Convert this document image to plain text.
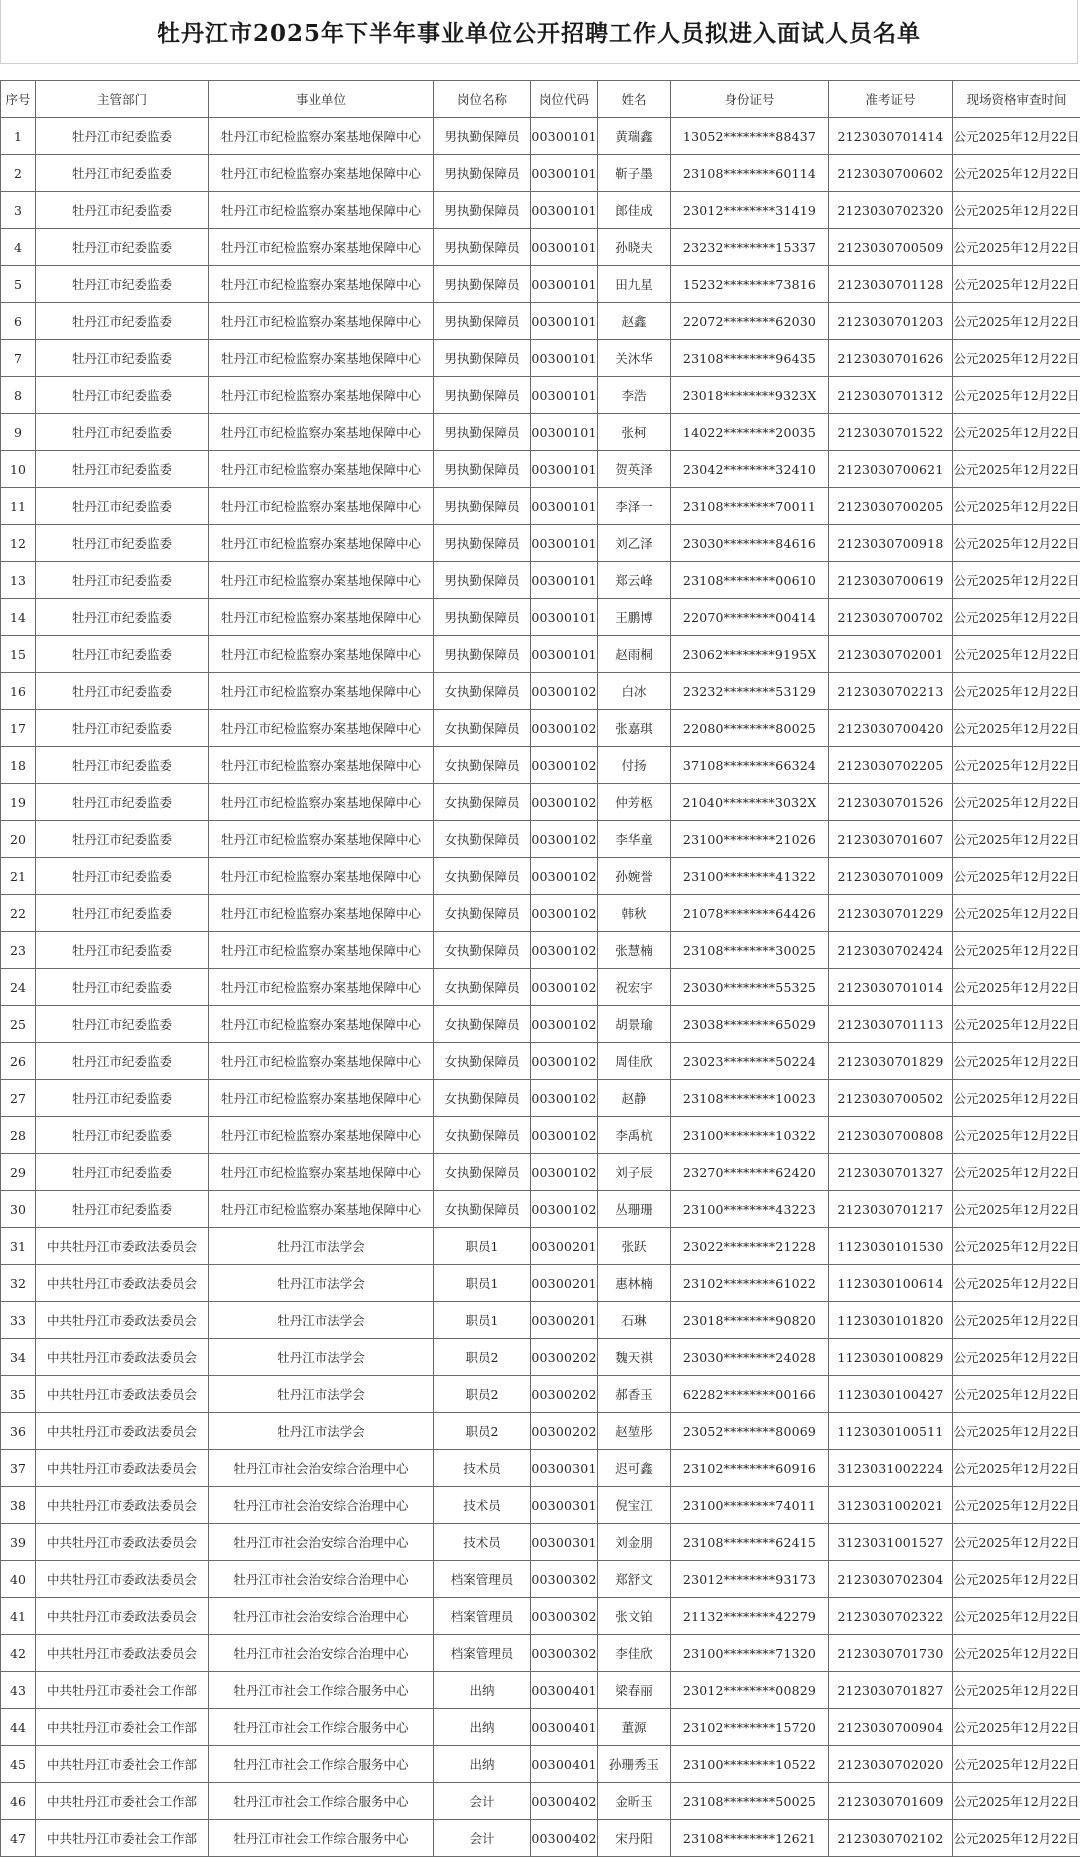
牡丹江市2025年下半年事业单位公开招聘工作人员拟进入面试人员名单
序号	主管部门	事业单位	岗位名称	岗位代码	姓名	身份证号	准考证号	现场资格审查时间
1	牡丹江市纪委监委	牡丹江市纪检监察办案基地保障中心	男执勤保障员	00300101	黄瑞鑫	13052********88437	2123030701414	公元2025年12月22日
2	牡丹江市纪委监委	牡丹江市纪检监察办案基地保障中心	男执勤保障员	00300101	靳子墨	23108********60114	2123030700602	公元2025年12月22日
3	牡丹江市纪委监委	牡丹江市纪检监察办案基地保障中心	男执勤保障员	00300101	郎佳成	23012********31419	2123030702320	公元2025年12月22日
4	牡丹江市纪委监委	牡丹江市纪检监察办案基地保障中心	男执勤保障员	00300101	孙晓夫	23232********15337	2123030700509	公元2025年12月22日
5	牡丹江市纪委监委	牡丹江市纪检监察办案基地保障中心	男执勤保障员	00300101	田九星	15232********73816	2123030701128	公元2025年12月22日
6	牡丹江市纪委监委	牡丹江市纪检监察办案基地保障中心	男执勤保障员	00300101	赵鑫	22072********62030	2123030701203	公元2025年12月22日
7	牡丹江市纪委监委	牡丹江市纪检监察办案基地保障中心	男执勤保障员	00300101	关沐华	23108********96435	2123030701626	公元2025年12月22日
8	牡丹江市纪委监委	牡丹江市纪检监察办案基地保障中心	男执勤保障员	00300101	李浩	23018********9323X	2123030701312	公元2025年12月22日
9	牡丹江市纪委监委	牡丹江市纪检监察办案基地保障中心	男执勤保障员	00300101	张柯	14022********20035	2123030701522	公元2025年12月22日
10	牡丹江市纪委监委	牡丹江市纪检监察办案基地保障中心	男执勤保障员	00300101	贺英泽	23042********32410	2123030700621	公元2025年12月22日
11	牡丹江市纪委监委	牡丹江市纪检监察办案基地保障中心	男执勤保障员	00300101	李泽一	23108********70011	2123030700205	公元2025年12月22日
12	牡丹江市纪委监委	牡丹江市纪检监察办案基地保障中心	男执勤保障员	00300101	刘乙泽	23030********84616	2123030700918	公元2025年12月22日
13	牡丹江市纪委监委	牡丹江市纪检监察办案基地保障中心	男执勤保障员	00300101	郑云峰	23108********00610	2123030700619	公元2025年12月22日
14	牡丹江市纪委监委	牡丹江市纪检监察办案基地保障中心	男执勤保障员	00300101	王鹏博	22070********00414	2123030700702	公元2025年12月22日
15	牡丹江市纪委监委	牡丹江市纪检监察办案基地保障中心	男执勤保障员	00300101	赵雨桐	23062********9195X	2123030702001	公元2025年12月22日
16	牡丹江市纪委监委	牡丹江市纪检监察办案基地保障中心	女执勤保障员	00300102	白冰	23232********53129	2123030702213	公元2025年12月22日
17	牡丹江市纪委监委	牡丹江市纪检监察办案基地保障中心	女执勤保障员	00300102	张嘉琪	22080********80025	2123030700420	公元2025年12月22日
18	牡丹江市纪委监委	牡丹江市纪检监察办案基地保障中心	女执勤保障员	00300102	付扬	37108********66324	2123030702205	公元2025年12月22日
19	牡丹江市纪委监委	牡丹江市纪检监察办案基地保障中心	女执勤保障员	00300102	仲芳柩	21040********3032X	2123030701526	公元2025年12月22日
20	牡丹江市纪委监委	牡丹江市纪检监察办案基地保障中心	女执勤保障员	00300102	李华童	23100********21026	2123030701607	公元2025年12月22日
21	牡丹江市纪委监委	牡丹江市纪检监察办案基地保障中心	女执勤保障员	00300102	孙婉誉	23100********41322	2123030701009	公元2025年12月22日
22	牡丹江市纪委监委	牡丹江市纪检监察办案基地保障中心	女执勤保障员	00300102	韩秋	21078********64426	2123030701229	公元2025年12月22日
23	牡丹江市纪委监委	牡丹江市纪检监察办案基地保障中心	女执勤保障员	00300102	张慧楠	23108********30025	2123030702424	公元2025年12月22日
24	牡丹江市纪委监委	牡丹江市纪检监察办案基地保障中心	女执勤保障员	00300102	祝宏宇	23030********55325	2123030701014	公元2025年12月22日
25	牡丹江市纪委监委	牡丹江市纪检监察办案基地保障中心	女执勤保障员	00300102	胡景瑜	23038********65029	2123030701113	公元2025年12月22日
26	牡丹江市纪委监委	牡丹江市纪检监察办案基地保障中心	女执勤保障员	00300102	周佳欣	23023********50224	2123030701829	公元2025年12月22日
27	牡丹江市纪委监委	牡丹江市纪检监察办案基地保障中心	女执勤保障员	00300102	赵静	23108********10023	2123030700502	公元2025年12月22日
28	牡丹江市纪委监委	牡丹江市纪检监察办案基地保障中心	女执勤保障员	00300102	李禹杭	23100********10322	2123030700808	公元2025年12月22日
29	牡丹江市纪委监委	牡丹江市纪检监察办案基地保障中心	女执勤保障员	00300102	刘子辰	23270********62420	2123030701327	公元2025年12月22日
30	牡丹江市纪委监委	牡丹江市纪检监察办案基地保障中心	女执勤保障员	00300102	丛珊珊	23100********43223	2123030701217	公元2025年12月22日
31	中共牡丹江市委政法委员会	牡丹江市法学会	职员1	00300201	张跃	23022********21228	1123030101530	公元2025年12月22日
32	中共牡丹江市委政法委员会	牡丹江市法学会	职员1	00300201	惠林楠	23102********61022	1123030100614	公元2025年12月22日
33	中共牡丹江市委政法委员会	牡丹江市法学会	职员1	00300201	石琳	23018********90820	1123030101820	公元2025年12月22日
34	中共牡丹江市委政法委员会	牡丹江市法学会	职员2	00300202	魏天祺	23030********24028	1123030100829	公元2025年12月22日
35	中共牡丹江市委政法委员会	牡丹江市法学会	职员2	00300202	郝香玉	62282********00166	1123030100427	公元2025年12月22日
36	中共牡丹江市委政法委员会	牡丹江市法学会	职员2	00300202	赵堃彤	23052********80069	1123030100511	公元2025年12月22日
37	中共牡丹江市委政法委员会	牡丹江市社会治安综合治理中心	技术员	00300301	迟可鑫	23102********60916	3123031002224	公元2025年12月22日
38	中共牡丹江市委政法委员会	牡丹江市社会治安综合治理中心	技术员	00300301	倪宝江	23100********74011	3123031002021	公元2025年12月22日
39	中共牡丹江市委政法委员会	牡丹江市社会治安综合治理中心	技术员	00300301	刘金朋	23108********62415	3123031001527	公元2025年12月22日
40	中共牡丹江市委政法委员会	牡丹江市社会治安综合治理中心	档案管理员	00300302	郑舒文	23012********93173	2123030702304	公元2025年12月22日
41	中共牡丹江市委政法委员会	牡丹江市社会治安综合治理中心	档案管理员	00300302	张文铂	21132********42279	2123030702322	公元2025年12月22日
42	中共牡丹江市委政法委员会	牡丹江市社会治安综合治理中心	档案管理员	00300302	李佳欣	23100********71320	2123030701730	公元2025年12月22日
43	中共牡丹江市委社会工作部	牡丹江市社会工作综合服务中心	出纳	00300401	梁春丽	23012********00829	2123030701827	公元2025年12月22日
44	中共牡丹江市委社会工作部	牡丹江市社会工作综合服务中心	出纳	00300401	董源	23102********15720	2123030700904	公元2025年12月22日
45	中共牡丹江市委社会工作部	牡丹江市社会工作综合服务中心	出纳	00300401	孙珊秀玉	23100********10522	2123030702020	公元2025年12月22日
46	中共牡丹江市委社会工作部	牡丹江市社会工作综合服务中心	会计	00300402	金昕玉	23108********50025	2123030701609	公元2025年12月22日
47	中共牡丹江市委社会工作部	牡丹江市社会工作综合服务中心	会计	00300402	宋丹阳	23108********12621	2123030702102	公元2025年12月22日
